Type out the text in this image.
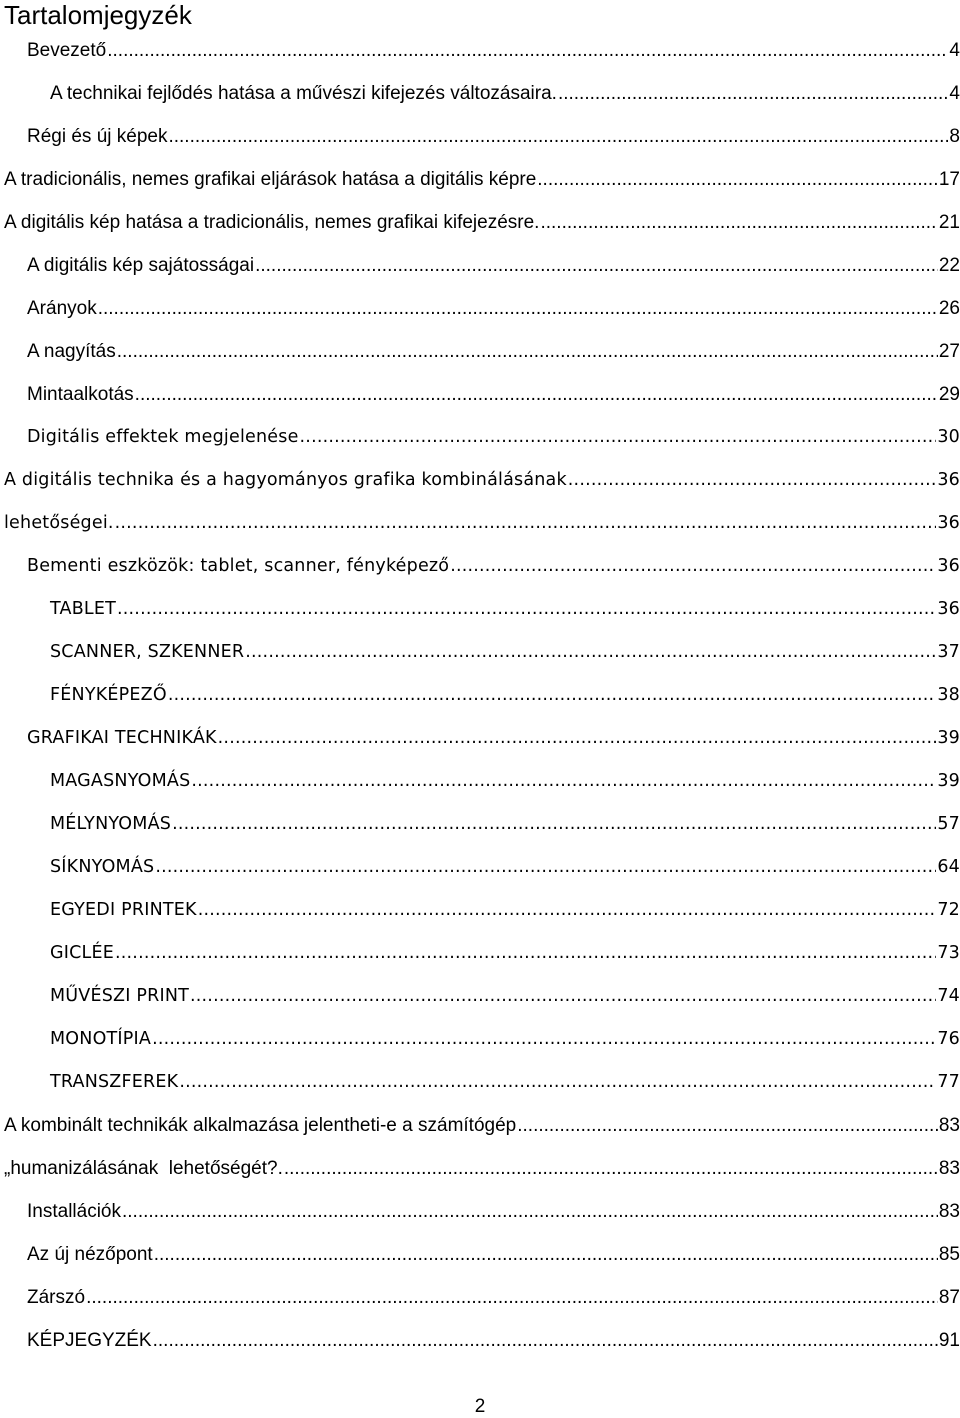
Tartalomjegyzék
Bevezető .....	4
A technikai fejlődés hatása a művészi kifejezés változásaira. .....	4
Régi és új képek .....	8
A tradicionális, nemes grafikai eljárások hatása a digitális képre .....	17
A digitális kép hatása a tradicionális, nemes grafikai kifejezésre. .....	21
A digitális kép sajátosságai .....	22
Arányok .....	26
A nagyítás .....	27
Mintaalkotás .....	29
Digitális effektek megjelenése .....	30
A digitális technika és a hagyományos grafika kombinálásának .....	36
lehetőségei. .....	36
Bementi eszközök: tablet, scanner, fényképező .....	36
TABLET .....	36
SCANNER, SZKENNER .....	37
FÉNYKÉPEZŐ .....	38
GRAFIKAI TECHNIKÁK .....	39
MAGASNYOMÁS .....	39
MÉLYNYOMÁS .....	57
SÍKNYOMÁS .....	64
EGYEDI PRINTEK .....	72
GICLÉE .....	73
MŰVÉSZI PRINT .....	74
MONOTÍPIA .....	76
TRANSZFEREK .....	77
A kombinált technikák alkalmazása jelentheti-e a számítógép .....	83
„humanizálásának  lehetőségét?. .....	83
Installációk .....	83
Az új nézőpont .....	85
Zárszó .....	87
KÉPJEGYZÉK .....	91
2
